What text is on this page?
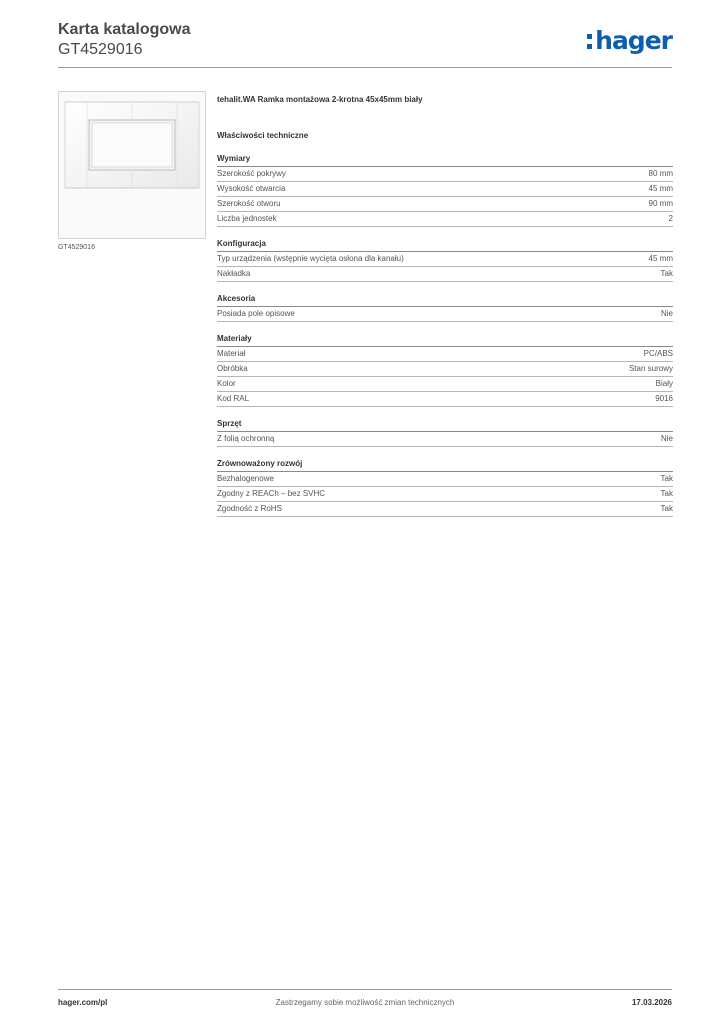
Karta katalogowa

GT4529016	hager
GT4529016

tehalit.WA Ramka montażowa 2-krotna 45x45mm biały

Właściwości techniczne

Wymiary
Szerokość pokrywy	80 mm
Wysokość otwarcia	45 mm
Szerokość otworu	90 mm
Liczba jednostek	2
Konfiguracja
Typ urządzenia (wstępnie wycięta osłona dla kanału)	45 mm
Nakładka	Tak
Akcesoria
Posiada pole opisowe	Nie
Materiały
Materiał	PC/ABS
Obróbka	Stan surowy
Kolor	Biały
Kod RAL	9016
Sprzęt
Z folią ochronną	Nie
Zrównoważony rozwój
Bezhalogenowe	Tak
Zgodny z REACh – bez SVHC	Tak
Zgodność z RoHS	Tak
hager.com/pl	Zastrzegamy sobie możliwość zmian technicznych	17.03.2026
